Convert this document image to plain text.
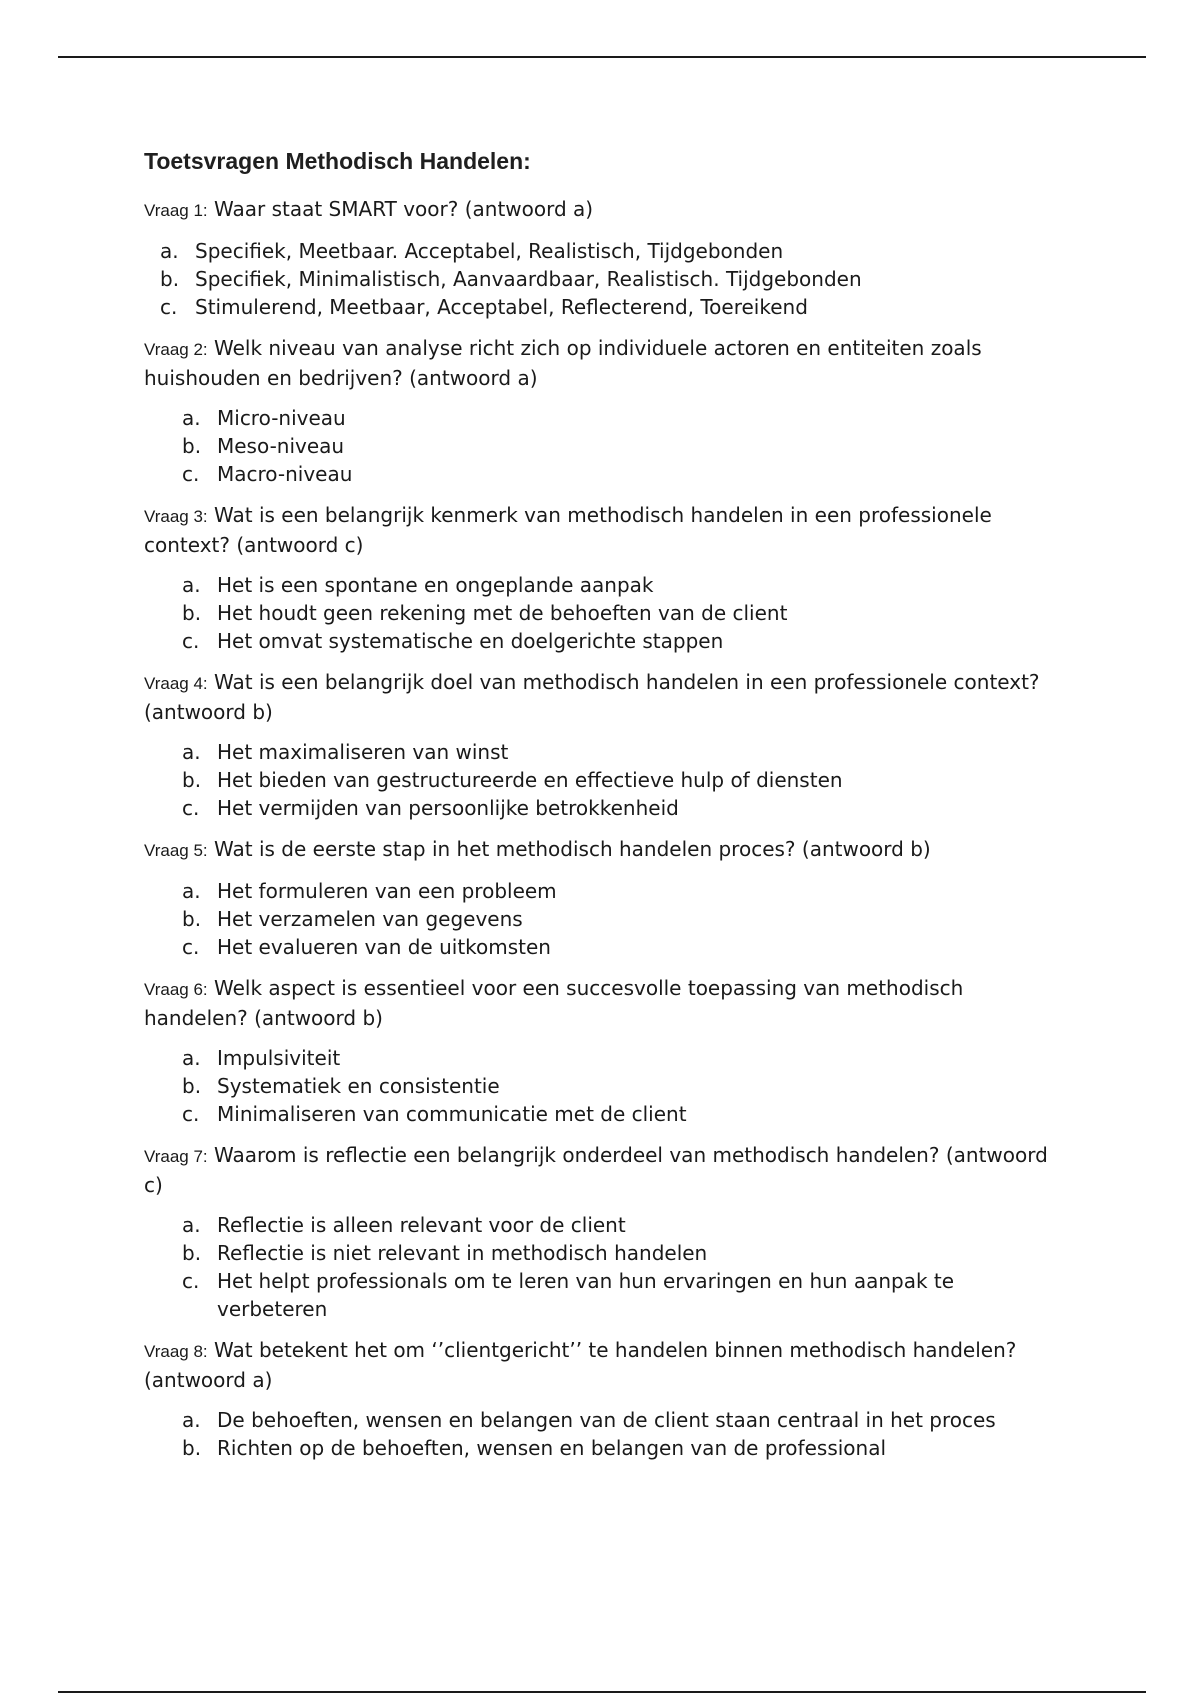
Toetsvragen Methodisch Handelen:

Vraag 1: Waar staat SMART voor? (antwoord a)

a. Specifiek, Meetbaar. Acceptabel, Realistisch, Tijdgebonden
b. Specifiek, Minimalistisch, Aanvaardbaar, Realistisch. Tijdgebonden
c. Stimulerend, Meetbaar, Acceptabel, Reflecterend, Toereikend

Vraag 2: Welk niveau van analyse richt zich op individuele actoren en entiteiten zoals huishouden en bedrijven? (antwoord a)

a. Micro-niveau
b. Meso-niveau
c. Macro-niveau

Vraag 3: Wat is een belangrijk kenmerk van methodisch handelen in een professionele context? (antwoord c)

a. Het is een spontane en ongeplande aanpak
b. Het houdt geen rekening met de behoeften van de client
c. Het omvat systematische en doelgerichte stappen

Vraag 4: Wat is een belangrijk doel van methodisch handelen in een professionele context? (antwoord b)

a. Het maximaliseren van winst
b. Het bieden van gestructureerde en effectieve hulp of diensten
c. Het vermijden van persoonlijke betrokkenheid

Vraag 5: Wat is de eerste stap in het methodisch handelen proces? (antwoord b)

a. Het formuleren van een probleem
b. Het verzamelen van gegevens
c. Het evalueren van de uitkomsten

Vraag 6: Welk aspect is essentieel voor een succesvolle toepassing van methodisch handelen? (antwoord b)

a. Impulsiviteit
b. Systematiek en consistentie
c. Minimaliseren van communicatie met de client

Vraag 7: Waarom is reflectie een belangrijk onderdeel van methodisch handelen? (antwoord c)

a. Reflectie is alleen relevant voor de client
b. Reflectie is niet relevant in methodisch handelen
c. Het helpt professionals om te leren van hun ervaringen en hun aanpak te verbeteren

Vraag 8: Wat betekent het om ‘’clientgericht’’ te handelen binnen methodisch handelen? (antwoord a)

a. De behoeften, wensen en belangen van de client staan centraal in het proces
b. Richten op de behoeften, wensen en belangen van de professional
